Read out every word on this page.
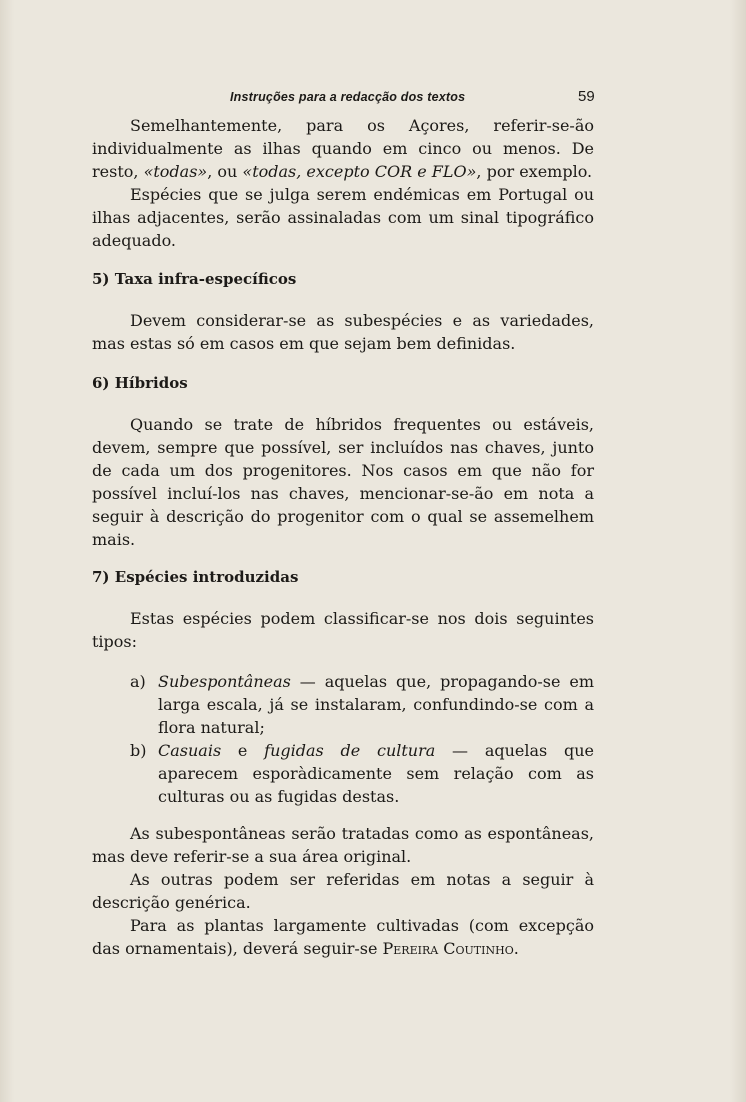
Instruções para a redacção dos textos	59

Semelhantemente, para os Açores, referir-se-ão individualmente as ilhas quando em cinco ou menos. De resto, «todas», ou «todas, excepto COR e FLO», por exemplo.

Espécies que se julga serem endémicas em Portugal ou ilhas adjacentes, serão assinaladas com um sinal tipográfico adequado.

5) Taxa infra-específicos

Devem considerar-se as subespécies e as variedades, mas estas só em casos em que sejam bem definidas.

6) Híbridos

Quando se trate de híbridos frequentes ou estáveis, devem, sempre que possível, ser incluídos nas chaves, junto de cada um dos progenitores. Nos casos em que não for possível incluí-los nas chaves, mencionar-se-ão em nota a seguir à descrição do progenitor com o qual se assemelhem mais.

7) Espécies introduzidas

Estas espécies podem classificar-se nos dois seguintes tipos:

a) Subespontâneas — aquelas que, propagando-se em larga escala, já se instalaram, confundindo-se com a flora natural;
b) Casuais e fugidas de cultura — aquelas que aparecem esporàdicamente sem relação com as culturas ou as fugidas destas.

As subespontâneas serão tratadas como as espontâneas, mas deve referir-se a sua área original.

As outras podem ser referidas em notas a seguir à descrição genérica.

Para as plantas largamente cultivadas (com excepção das ornamentais), deverá seguir-se Pereira Coutinho.
